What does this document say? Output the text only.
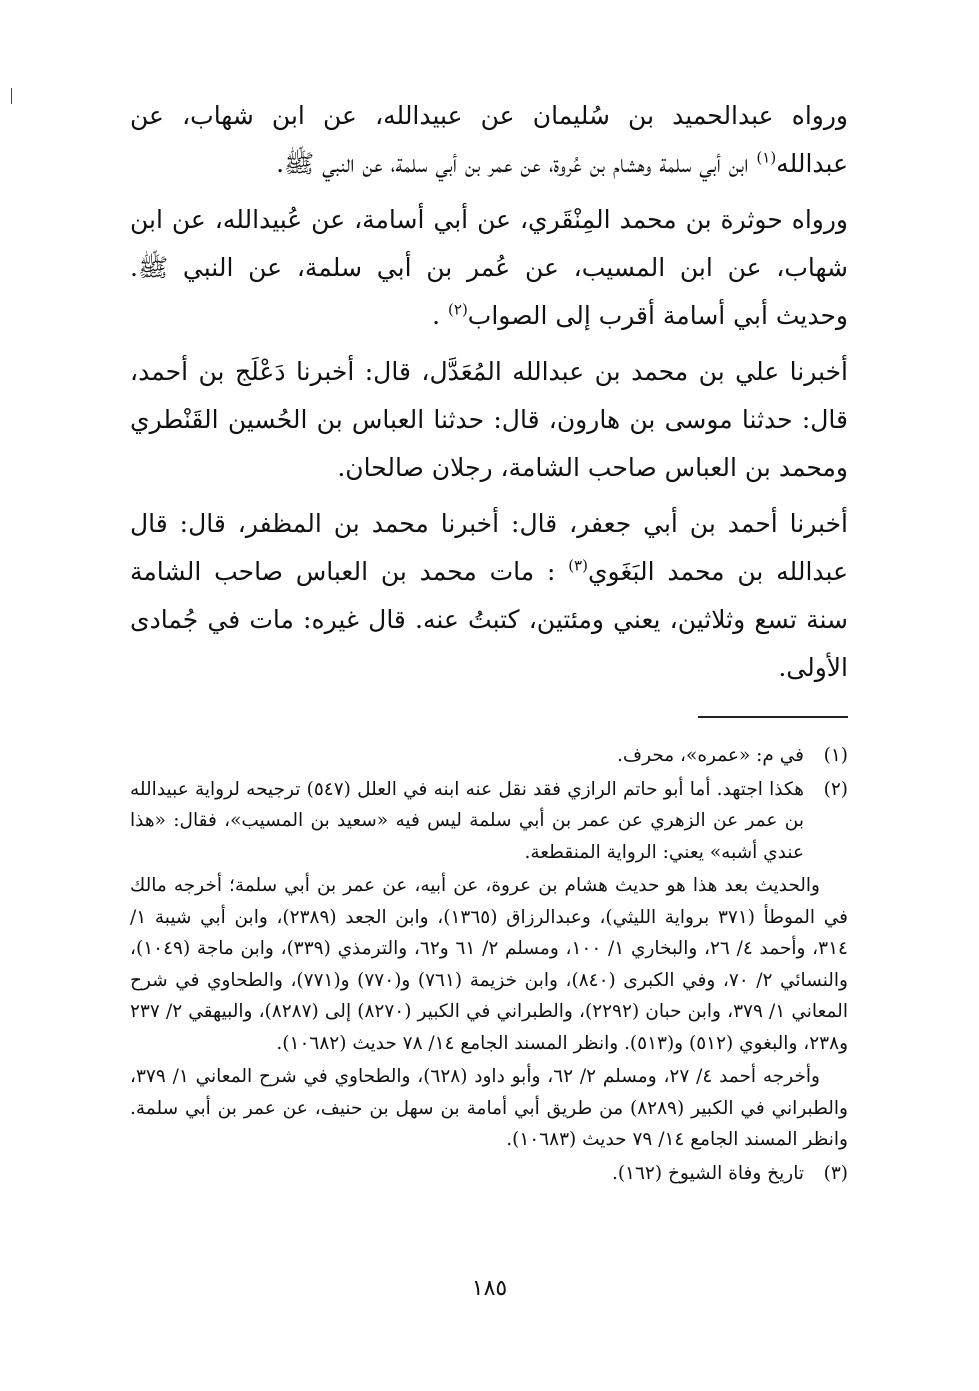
ورواه عبدالحميد بن سُليمان عن عبيدالله، عن ابن شهاب، عن عبدالله$^{(١)}$ ابن أبي سلمة وهشام بن عُروة، عن عمر بن أبي سلمة، عن النبي ﷺ.

ورواه حوثرة بن محمد المِنْقَري، عن أبي أسامة، عن عُبيدالله، عن ابن شهاب، عن ابن المسيب، عن عُمر بن أبي سلمة، عن النبي ﷺ. وحديث أبي أسامة أقرب إلى الصواب$^{(٢)}$ .

أخبرنا علي بن محمد بن عبدالله المُعَدَّل، قال: أخبرنا دَعْلَج بن أحمد، قال: حدثنا موسى بن هارون، قال: حدثنا العباس بن الحُسين القَنْطري ومحمد بن العباس صاحب الشامة، رجلان صالحان.

أخبرنا أحمد بن أبي جعفر، قال: أخبرنا محمد بن المظفر، قال: قال عبدالله بن محمد البَغَوي$^{(٣)}$ : مات محمد بن العباس صاحب الشامة سنة تسع وثلاثين، يعني ومئتين، كتبتُ عنه. قال غيره: مات في جُمادى الأولى.

(١)
في م: «عمره»، محرف.
(٢)
هكذا اجتهد. أما أبو حاتم الرازي فقد نقل عنه ابنه في العلل (٥٤٧) ترجيحه لرواية عبيدالله بن عمر عن الزهري عن عمر بن أبي سلمة ليس فيه «سعيد بن المسيب»، فقال: «هذا عندي أشبه» يعني: الرواية المنقطعة.

والحديث بعد هذا هو حديث هشام بن عروة، عن أبيه، عن عمر بن أبي سلمة؛ أخرجه مالك في الموطأ (٣٧١ برواية الليثي)، وعبدالرزاق (١٣٦٥)، وابن الجعد (٢٣٨٩)، وابن أبي شيبة ١/ ٣١٤، وأحمد ٤/ ٢٦، والبخاري ١/ ١٠٠، ومسلم ٢/ ٦١ و٦٢، والترمذي (٣٣٩)، وابن ماجة (١٠٤٩)، والنسائي ٢/ ٧٠، وفي الكبرى (٨٤٠)، وابن خزيمة (٧٦١) و(٧٧٠) و(٧٧١)، والطحاوي في شرح المعاني ١/ ٣٧٩، وابن حبان (٢٢٩٢)، والطبراني في الكبير (٨٢٧٠) إلى (٨٢٨٧)، والبيهقي ٢/ ٢٣٧ و٢٣٨، والبغوي (٥١٢) و(٥١٣). وانظر المسند الجامع ١٤/ ٧٨ حديث (١٠٦٨٢).

وأخرجه أحمد ٤/ ٢٧، ومسلم ٢/ ٦٢، وأبو داود (٦٢٨)، والطحاوي في شرح المعاني ١/ ٣٧٩، والطبراني في الكبير (٨٢٨٩) من طريق أبي أمامة بن سهل بن حنيف، عن عمر بن أبي سلمة. وانظر المسند الجامع ١٤/ ٧٩ حديث (١٠٦٨٣).

(٣)
تاريخ وفاة الشيوخ (١٦٢).
١٨٥
